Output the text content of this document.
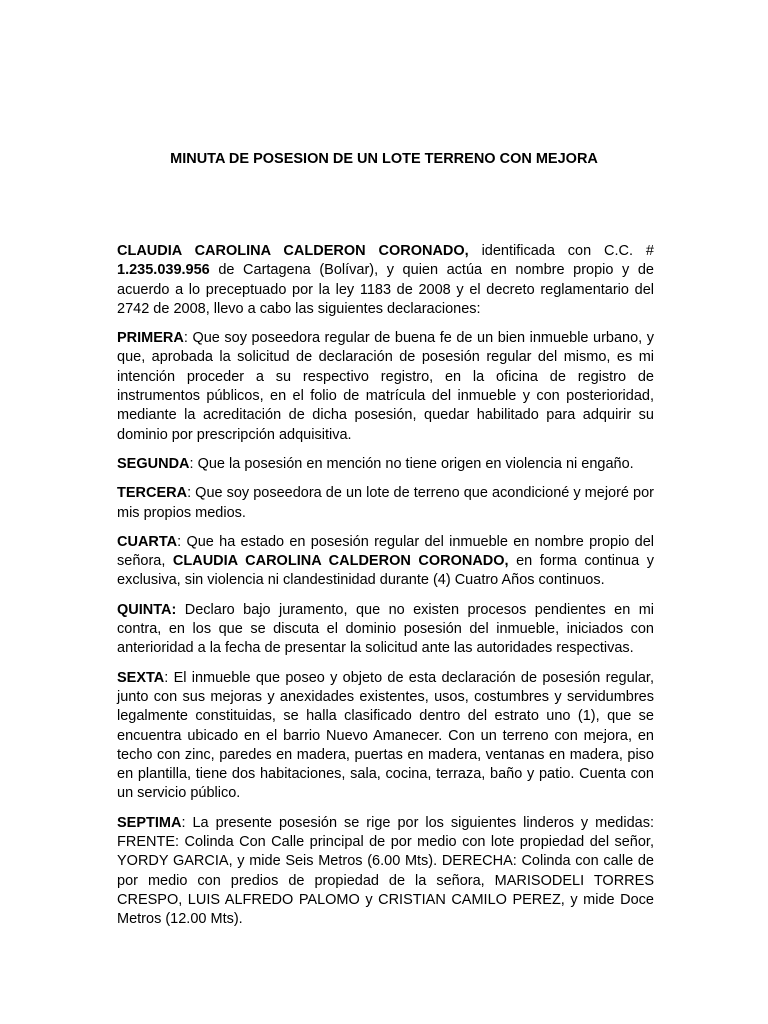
MINUTA DE POSESION DE UN LOTE TERRENO CON MEJORA

CLAUDIA CAROLINA CALDERON CORONADO, identificada con C.C. # 1.235.039.956 de Cartagena (Bolívar), y quien actúa en nombre propio y de acuerdo a lo preceptuado por la ley 1183 de 2008 y el decreto reglamentario del 2742 de 2008, llevo a cabo las siguientes declaraciones:

PRIMERA: Que soy poseedora regular de buena fe de un bien inmueble urbano, y que, aprobada la solicitud de declaración de posesión regular del mismo, es mi intención proceder a su respectivo registro, en la oficina de registro de instrumentos públicos, en el folio de matrícula del inmueble y con posterioridad, mediante la acreditación de dicha posesión, quedar habilitado para adquirir su dominio por prescripción adquisitiva.

SEGUNDA: Que la posesión en mención no tiene origen en violencia ni engaño.

TERCERA: Que soy poseedora de un lote de terreno que acondicioné y mejoré por mis propios medios.

CUARTA: Que ha estado en posesión regular del inmueble en nombre propio del señora, CLAUDIA CAROLINA CALDERON CORONADO, en forma continua y exclusiva, sin violencia ni clandestinidad durante (4) Cuatro Años continuos.

QUINTA: Declaro bajo juramento, que no existen procesos pendientes en mi contra, en los que se discuta el dominio posesión del inmueble, iniciados con anterioridad a la fecha de presentar la solicitud ante las autoridades respectivas.

SEXTA: El inmueble que poseo y objeto de esta declaración de posesión regular, junto con sus mejoras y anexidades existentes, usos, costumbres y servidumbres legalmente constituidas, se halla clasificado dentro del estrato uno (1), que se encuentra ubicado en el barrio Nuevo Amanecer. Con un terreno con mejora, en techo con zinc, paredes en madera, puertas en madera, ventanas en madera, piso en plantilla, tiene dos habitaciones, sala, cocina, terraza, baño y patio. Cuenta con un servicio público.

SEPTIMA: La presente posesión se rige por los siguientes linderos y medidas: FRENTE: Colinda Con Calle principal de por medio con lote propiedad del señor, YORDY GARCIA, y mide Seis Metros (6.00 Mts). DERECHA: Colinda con calle de por medio con predios de propiedad de la señora, MARISODELI TORRES CRESPO, LUIS ALFREDO PALOMO y CRISTIAN CAMILO PEREZ, y mide Doce Metros (12.00 Mts).
